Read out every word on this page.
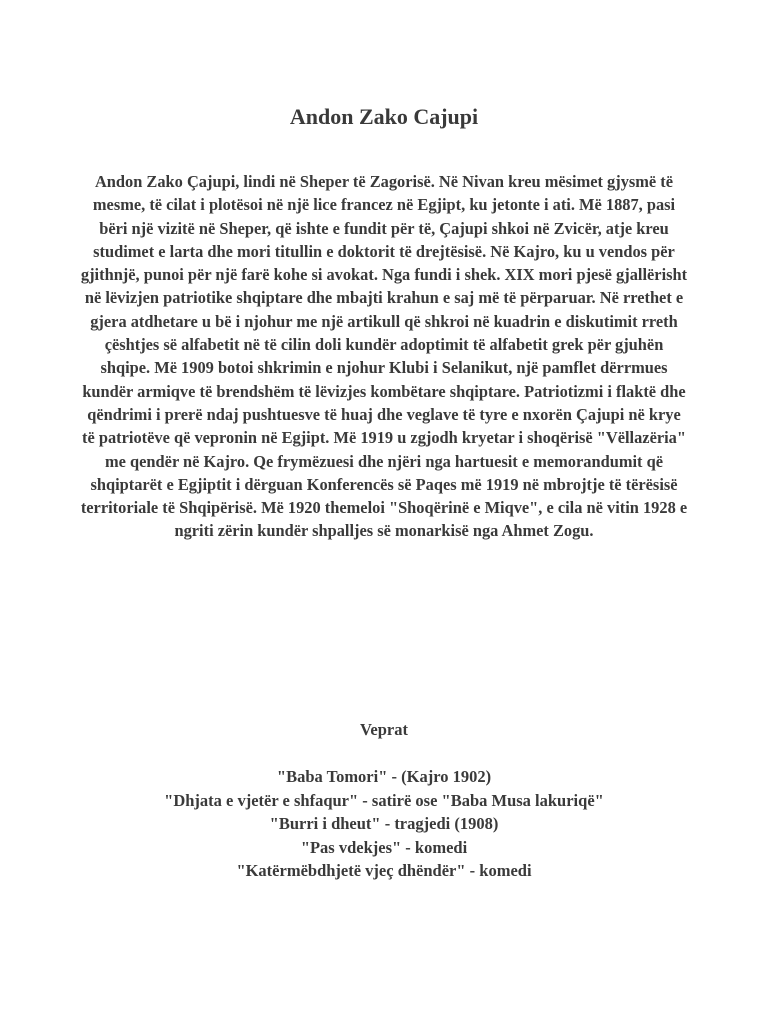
Andon Zako Cajupi

Andon Zako Çajupi, lindi në Sheper të Zagorisë. Në Nivan kreu mësimet gjysmë të mesme, të cilat i plotësoi në një lice francez në Egjipt, ku jetonte i ati. Më 1887, pasi bëri një vizitë në Sheper, që ishte e fundit për të, Çajupi shkoi në Zvicër, atje kreu studimet e larta dhe mori titullin e doktorit të drejtësisë. Në Kajro, ku u vendos për gjithnjë, punoi për një farë kohe si avokat. Nga fundi i shek. XIX mori pjesë gjallërisht në lëvizjen patriotike shqiptare dhe mbajti krahun e saj më të përparuar. Në rrethet e gjera atdhetare u bë i njohur me një artikull që shkroi në kuadrin e diskutimit rreth çështjes së alfabetit në të cilin doli kundër adoptimit të alfabetit grek për gjuhën shqipe. Më 1909 botoi shkrimin e njohur Klubi i Selanikut, një pamflet dërrmues kundër armiqve të brendshëm të lëvizjes kombëtare shqiptare. Patriotizmi i flaktë dhe qëndrimi i prerë ndaj pushtuesve të huaj dhe veglave të tyre e nxorën Çajupi në krye të patriotëve që vepronin në Egjipt. Më 1919 u zgjodh kryetar i shoqërisë "Vëllazëria" me qendër në Kajro. Qe frymëzuesi dhe njëri nga hartuesit e memorandumit që shqiptarët e Egjiptit i dërguan Konferencës së Paqes më 1919 në mbrojtje të tërësisë territoriale të Shqipërisë. Më 1920 themeloi "Shoqërinë e Miqve", e cila në vitin 1928 e ngriti zërin kundër shpalljes së monarkisë nga Ahmet Zogu.

Veprat
"Baba Tomori" - (Kajro 1902)
"Dhjata e vjetër e shfaqur" - satirë ose "Baba Musa lakuriqë"
"Burri i dheut" - tragjedi (1908)
"Pas vdekjes" - komedi
"Katërmëbdhjetë vjeç dhëndër" - komedi
